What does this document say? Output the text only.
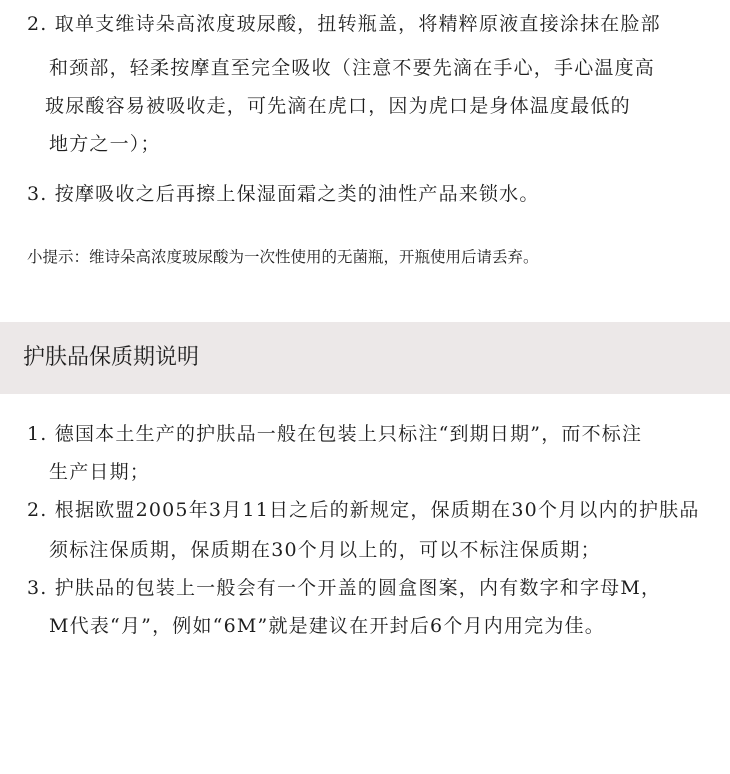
2. 取单支维诗朵高浓度玻尿酸，扭转瓶盖，将精粹原液直接涂抹在脸部
和颈部，轻柔按摩直至完全吸收（注意不要先滴在手心，手心温度高
玻尿酸容易被吸收走，可先滴在虎口，因为虎口是身体温度最低的
地方之一）；
3. 按摩吸收之后再擦上保湿面霜之类的油性产品来锁水。
小提示：维诗朵高浓度玻尿酸为一次性使用的无菌瓶，开瓶使用后请丢弃。
护肤品保质期说明
1. 德国本土生产的护肤品一般在包装上只标注“到期日期”，而不标注
生产日期；
2. 根据欧盟2005年3月11日之后的新规定，保质期在30个月以内的护肤品
须标注保质期，保质期在30个月以上的，可以不标注保质期；
3. 护肤品的包装上一般会有一个开盖的圆盒图案，内有数字和字母M，
M代表“月”，例如“6M”就是建议在开封后6个月内用完为佳。
